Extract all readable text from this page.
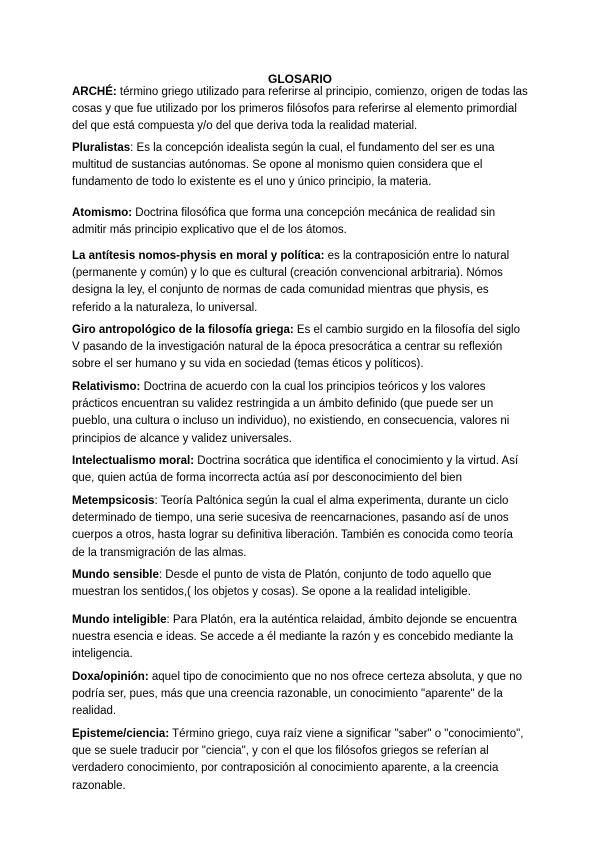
GLOSARIO

ARCHÉ: término griego utilizado para referirse al principio, comienzo, origen de todas las cosas y que fue utilizado por los primeros filósofos para referirse al elemento primordial del que está compuesta y/o del que deriva toda la realidad material.

Pluralistas: Es la concepción idealista según la cual, el fundamento del ser es una multitud de sustancias autónomas. Se opone al monismo quien considera que el fundamento de todo lo existente es el uno y único principio, la materia.

Atomismo: Doctrina filosófica que forma una concepción mecánica de realidad sin admitir más principio explicativo que el de los átomos.

La antítesis nomos-physis en moral y política: es la contraposición entre lo natural (permanente y común) y lo que es cultural (creación convencional arbitraria). Nómos designa la ley, el conjunto de normas de cada comunidad mientras que physis, es referido a la naturaleza, lo universal.

Giro antropológico de la filosofía griega: Es el cambio surgido en la filosofía del siglo V pasando de la investigación natural de la época presocrática a centrar su reflexión sobre el ser humano y su vida en sociedad (temas éticos y políticos).

Relativismo: Doctrina de acuerdo con la cual los principios teóricos y los valores prácticos encuentran su validez restringida a un ámbito definido (que puede ser un pueblo, una cultura o incluso un individuo), no existiendo, en consecuencia, valores ni principios de alcance y validez universales.

Intelectualismo moral: Doctrina socrática que identifica el conocimiento y la virtud. Así que, quien actúa de forma incorrecta actúa así por desconocimiento del bien

Metempsicosis: Teoría Paltónica según la cual el alma experimenta, durante un ciclo determinado de tiempo, una serie sucesiva de reencarnaciones, pasando así de unos cuerpos a otros, hasta lograr su definitiva liberación. También es conocida como teoría de la transmigración de las almas.

Mundo sensible: Desde el punto de vista de Platón, conjunto de todo aquello que muestran los sentidos,( los objetos y cosas). Se opone a la realidad inteligible.

Mundo inteligible: Para Platón, era la auténtica relaidad, ámbito dejonde se encuentra nuestra esencia e ideas. Se accede a él mediante la razón y es concebido mediante la inteligencia.

Doxa/opinión: aquel tipo de conocimiento que no nos ofrece certeza absoluta, y que no podría ser, pues, más que una creencia razonable, un conocimiento "aparente" de la realidad.

Episteme/ciencia: Término griego, cuya raíz viene a significar "saber" o "conocimiento", que se suele traducir por "ciencia", y con el que los filósofos griegos se referían al verdadero conocimiento, por contraposición al conocimiento aparente, a la creencia razonable.
